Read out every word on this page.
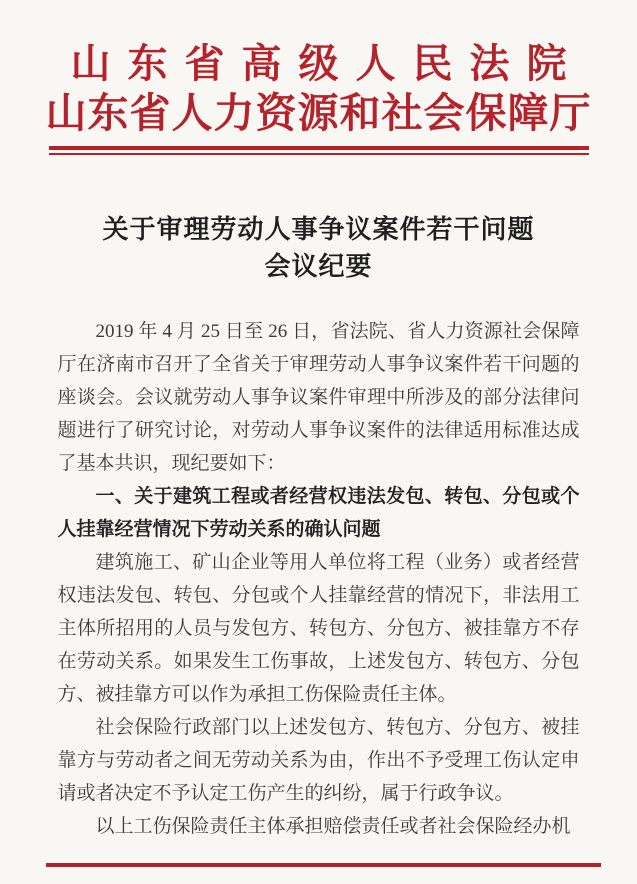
山东省高级人民法院
山东省人力资源和社会保障厅
关于审理劳动人事争议案件若干问题
会议纪要

2019 年 4 月 25 日至 26 日，省法院、省人力资源社会保障厅在济南市召开了全省关于审理劳动人事争议案件若干问题的座谈会。会议就劳动人事争议案件审理中所涉及的部分法律问题进行了研究讨论，对劳动人事争议案件的法律适用标准达成了基本共识，现纪要如下：

一、关于建筑工程或者经营权违法发包、转包、分包或个人挂靠经营情况下劳动关系的确认问题

建筑施工、矿山企业等用人单位将工程（业务）或者经营权违法发包、转包、分包或个人挂靠经营的情况下，非法用工主体所招用的人员与发包方、转包方、分包方、被挂靠方不存在劳动关系。如果发生工伤事故，上述发包方、转包方、分包方、被挂靠方可以作为承担工伤保险责任主体。

社会保险行政部门以上述发包方、转包方、分包方、被挂靠方与劳动者之间无劳动关系为由，作出不予受理工伤认定申请或者决定不予认定工伤产生的纠纷，属于行政争议。

以上工伤保险责任主体承担赔偿责任或者社会保险经办机
